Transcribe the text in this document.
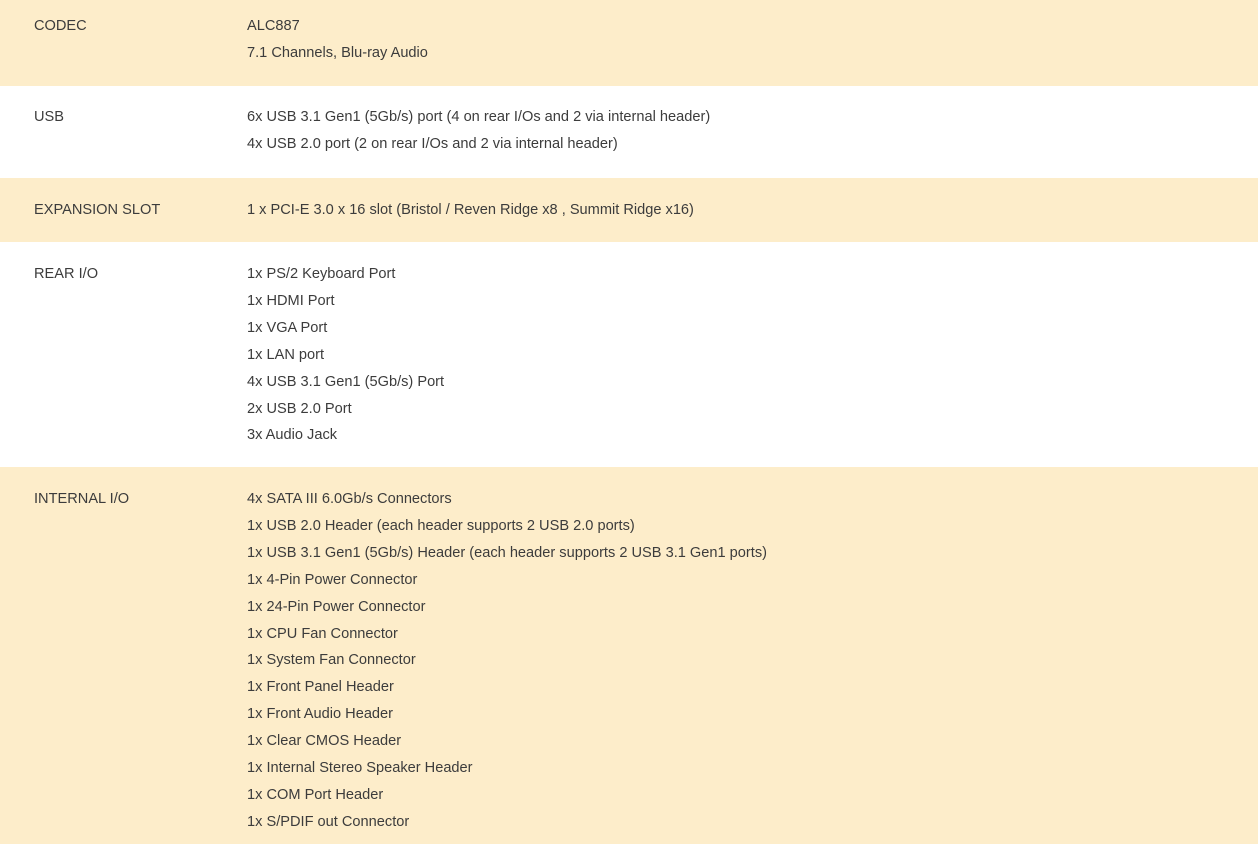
CODEC	ALC887
7.1 Channels, Blu-ray Audio
USB	6x USB 3.1 Gen1 (5Gb/s) port (4 on rear I/Os and 2 via internal header)
4x USB 2.0 port (2 on rear I/Os and 2 via internal header)
EXPANSION SLOT	1 x PCI-E 3.0 x 16 slot (Bristol / Reven Ridge x8 , Summit Ridge x16)
REAR I/O	1x PS/2 Keyboard Port
1x HDMI Port
1x VGA Port
1x LAN port
4x USB 3.1 Gen1 (5Gb/s) Port
2x USB 2.0 Port
3x Audio Jack
INTERNAL I/O	4x SATA III 6.0Gb/s Connectors
1x USB 2.0 Header (each header supports 2 USB 2.0 ports)
1x USB 3.1 Gen1 (5Gb/s) Header (each header supports 2 USB 3.1 Gen1 ports)
1x 4-Pin Power Connector
1x 24-Pin Power Connector
1x CPU Fan Connector
1x System Fan Connector
1x Front Panel Header
1x Front Audio Header
1x Clear CMOS Header
1x Internal Stereo Speaker Header
1x COM Port Header
1x S/PDIF out Connector
